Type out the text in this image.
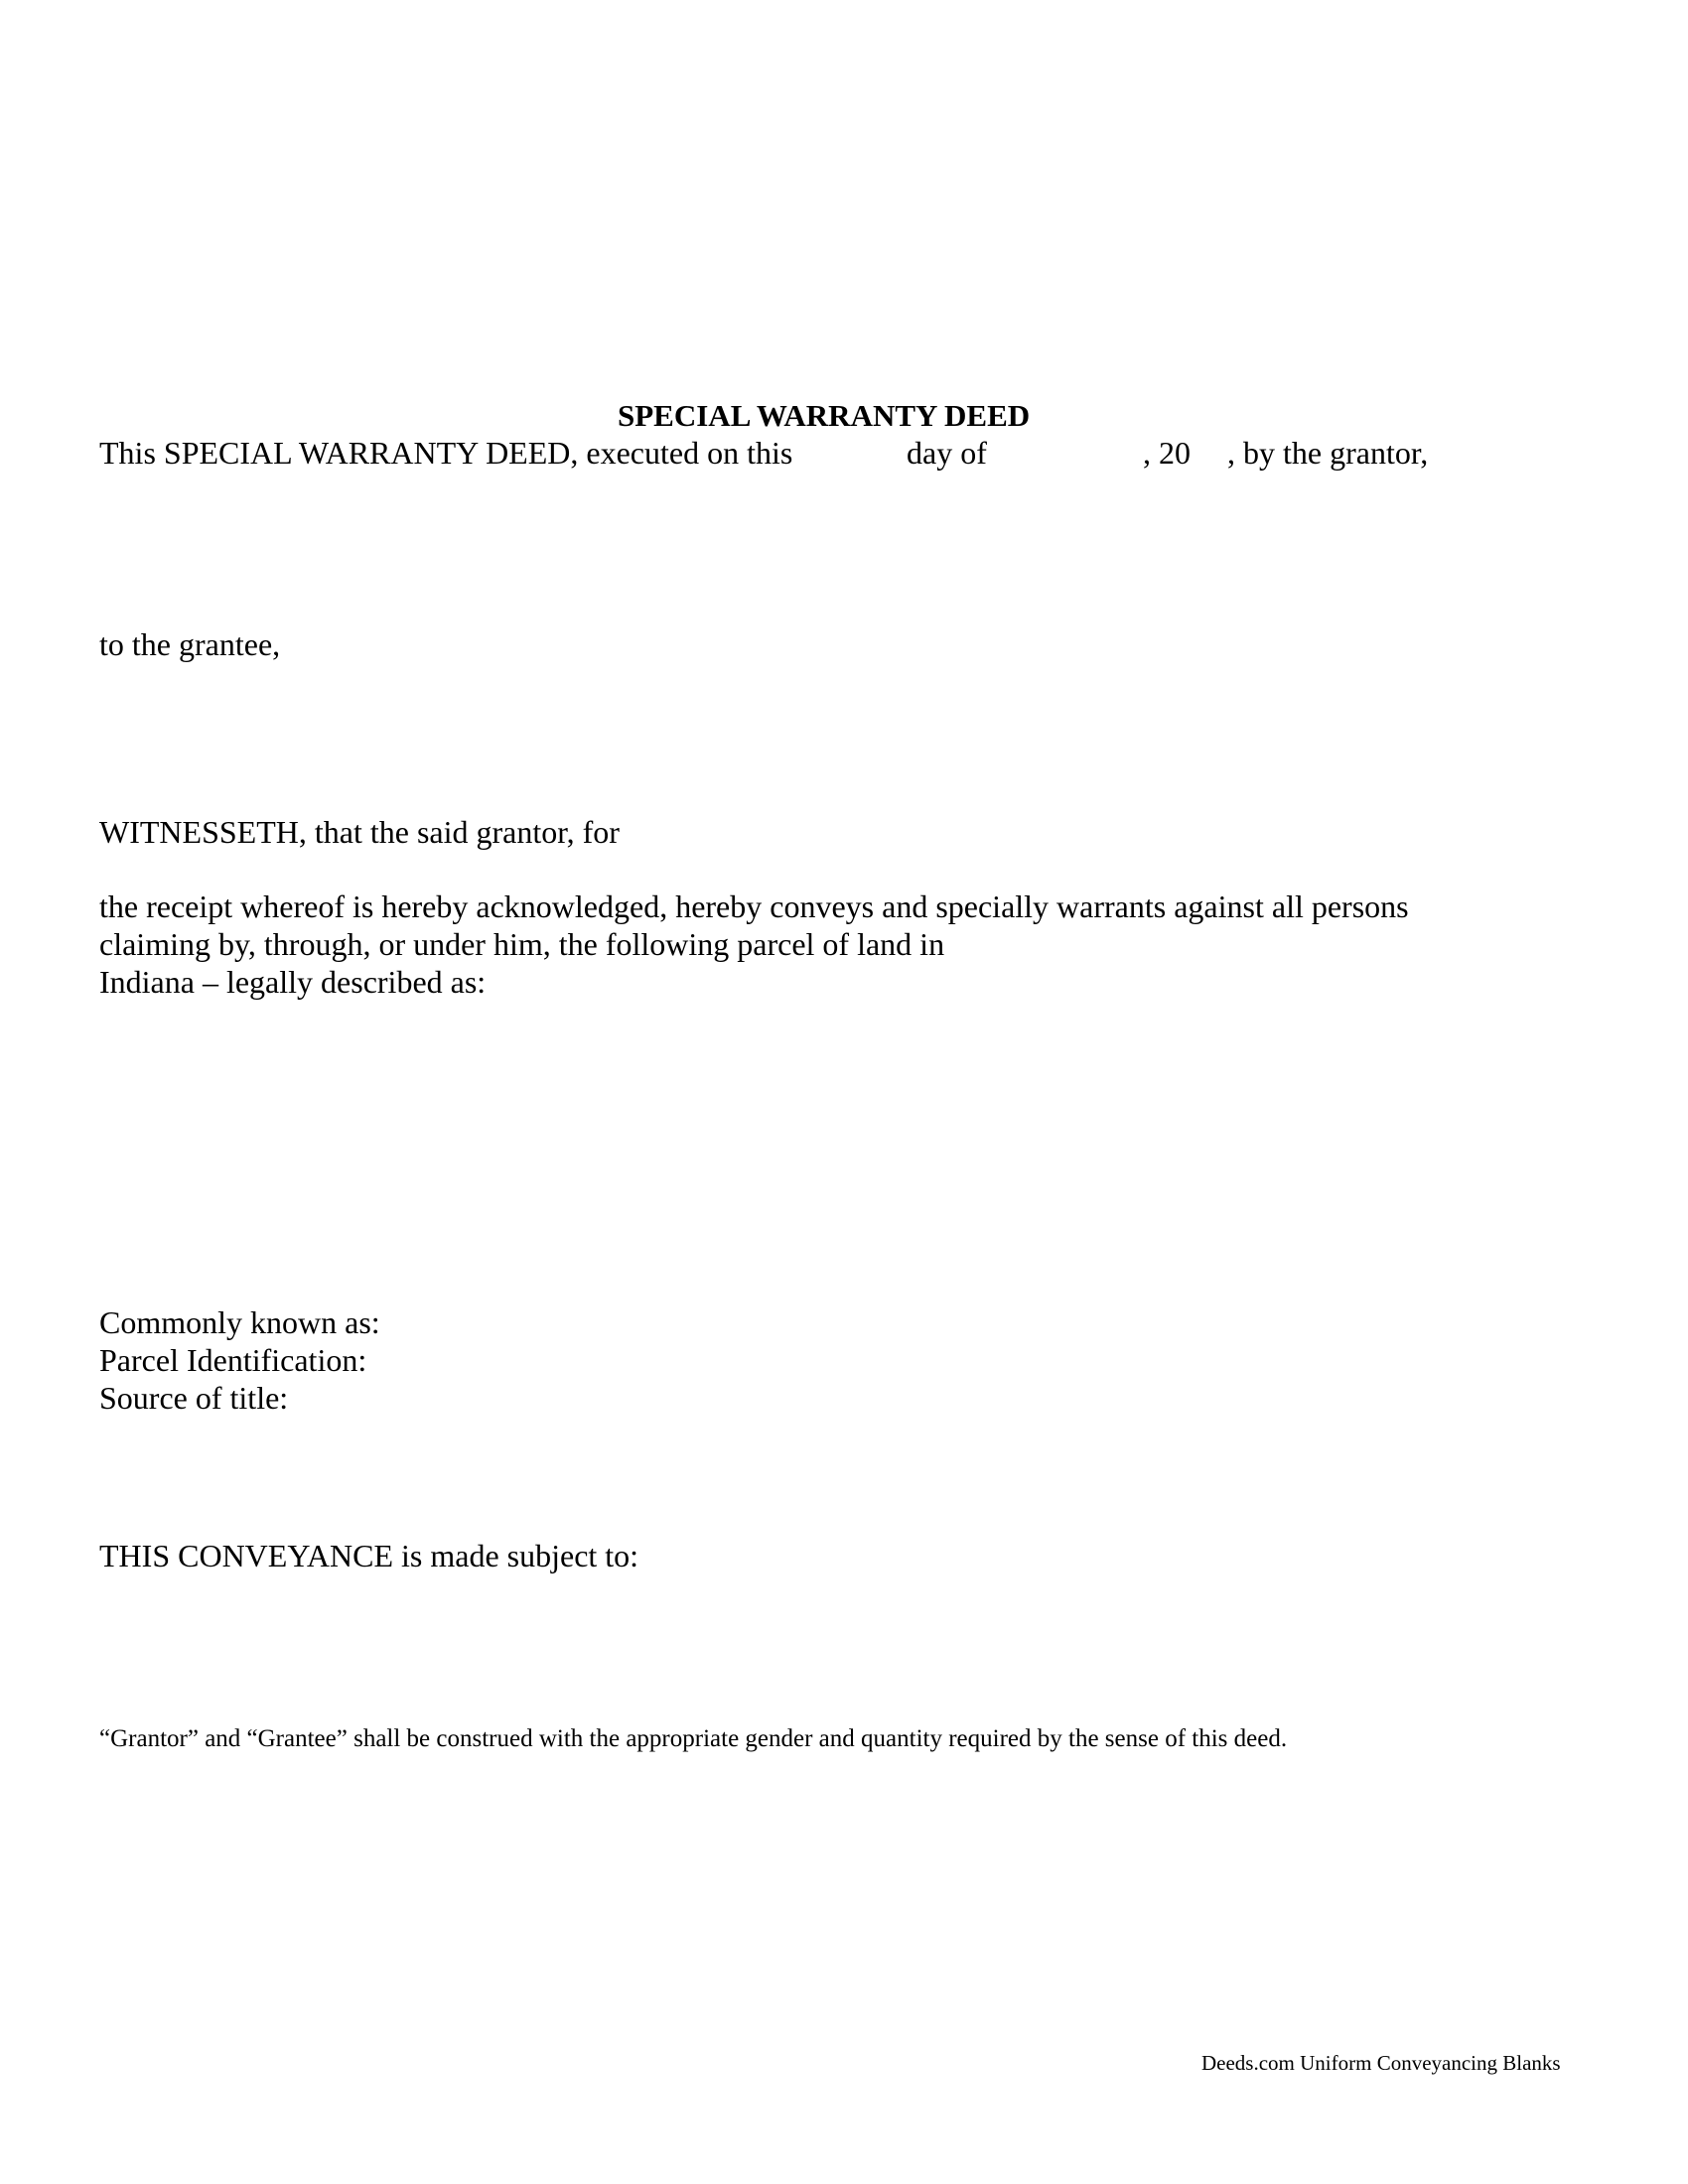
SPECIAL WARRANTY DEED

This SPECIAL WARRANTY DEED, executed on this	day of	, 20 , by the grantor,

to the grantee,

WITNESSETH, that the said grantor, for

the receipt whereof is hereby acknowledged, hereby conveys and specially warrants against all persons

claiming by, through, or under him, the following parcel of land in

Indiana – legally described as:

Commonly known as:

Parcel Identification:

Source of title:

THIS CONVEYANCE is made subject to:

“Grantor” and “Grantee” shall be construed with the appropriate gender and quantity required by the sense of this deed.

Deeds.com Uniform Conveyancing Blanks
